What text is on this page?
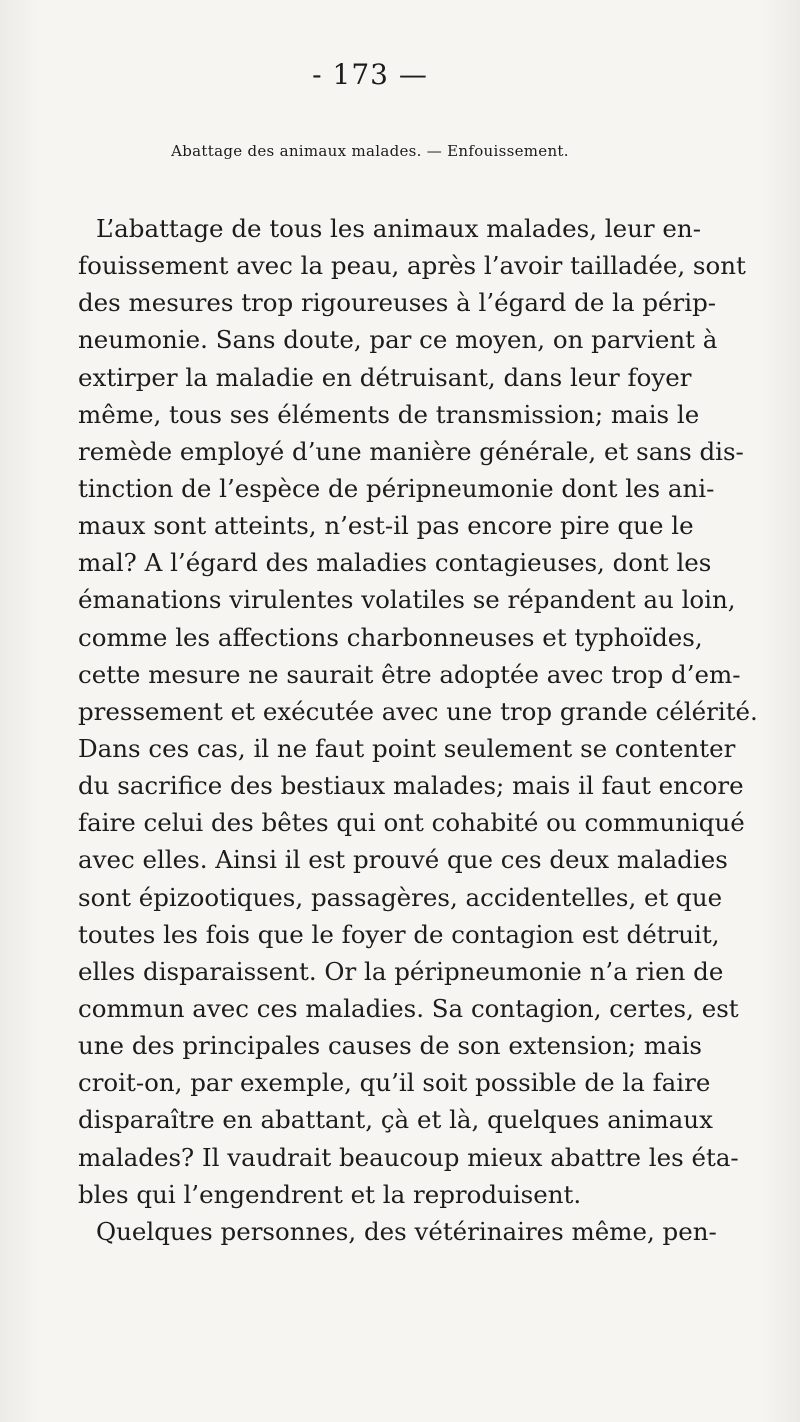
- 173 —
Abattage des animaux malades. — Enfouissement.
L’abattage de tous les animaux malades, leur en-
fouissement avec la peau, après l’avoir tailladée, sont
des mesures trop rigoureuses à l’égard de la périp-
neumonie. Sans doute, par ce moyen, on parvient à
extirper la maladie en détruisant, dans leur foyer
même, tous ses éléments de transmission; mais le
remède employé d’une manière générale, et sans dis-
tinction de l’espèce de péripneumonie dont les ani-
maux sont atteints, n’est-il pas encore pire que le
mal? A l’égard des maladies contagieuses, dont les
émanations virulentes volatiles se répandent au loin,
comme les affections charbonneuses et typhoïdes,
cette mesure ne saurait être adoptée avec trop d’em-
pressement et exécutée avec une trop grande célérité.
Dans ces cas, il ne faut point seulement se contenter
du sacrifice des bestiaux malades; mais il faut encore
faire celui des bêtes qui ont cohabité ou communiqué
avec elles. Ainsi il est prouvé que ces deux maladies
sont épizootiques, passagères, accidentelles, et que
toutes les fois que le foyer de contagion est détruit,
elles disparaissent. Or la péripneumonie n’a rien de
commun avec ces maladies. Sa contagion, certes, est
une des principales causes de son extension; mais
croit-on, par exemple, qu’il soit possible de la faire
disparaître en abattant, çà et là, quelques animaux
malades? Il vaudrait beaucoup mieux abattre les éta-
bles qui l’engendrent et la reproduisent.
Quelques personnes, des vétérinaires même, pen-
